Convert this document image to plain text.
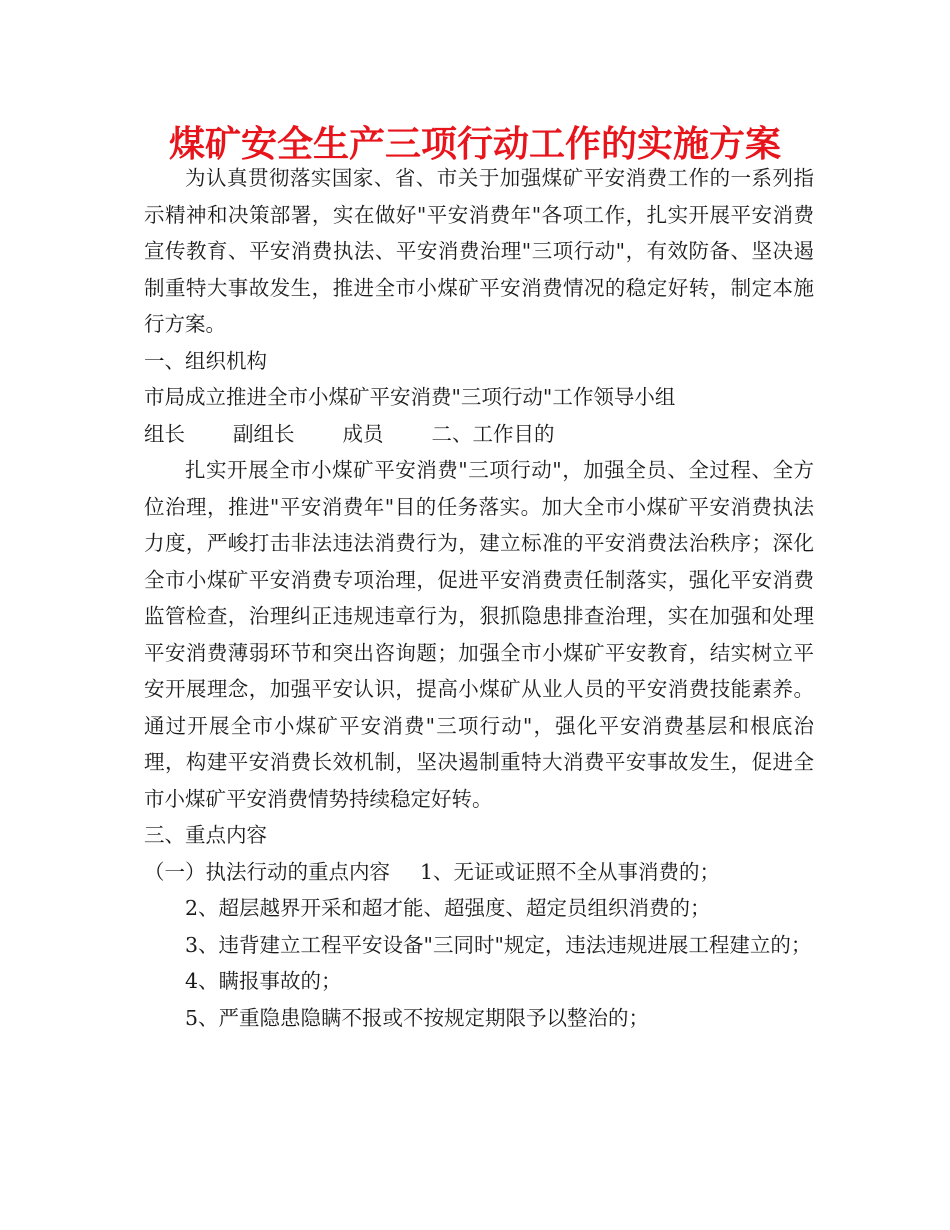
煤矿安全生产三项行动工作的实施方案

为认真贯彻落实国家、省、市关于加强煤矿平安消费工作的一系列指示精神和决策部署，实在做好"平安消费年"各项工作，扎实开展平安消费宣传教育、平安消费执法、平安消费治理"三项行动"，有效防备、坚决遏制重特大事故发生，推进全市小煤矿平安消费情况的稳定好转，制定本施行方案。

一、组织机构

市局成立推进全市小煤矿平安消费"三项行动"工作领导小组

组长 副组长 成员 二、工作目的

扎实开展全市小煤矿平安消费"三项行动"，加强全员、全过程、全方位治理，推进"平安消费年"目的任务落实。加大全市小煤矿平安消费执法力度，严峻打击非法违法消费行为，建立标准的平安消费法治秩序；深化全市小煤矿平安消费专项治理，促进平安消费责任制落实，强化平安消费监管检查，治理纠正违规违章行为，狠抓隐患排查治理，实在加强和处理平安消费薄弱环节和突出咨询题；加强全市小煤矿平安教育，结实树立平安开展理念，加强平安认识，提高小煤矿从业人员的平安消费技能素养。通过开展全市小煤矿平安消费"三项行动"，强化平安消费基层和根底治理，构建平安消费长效机制，坚决遏制重特大消费平安事故发生，促进全市小煤矿平安消费情势持续稳定好转。

三、重点内容

（一）执法行动的重点内容 1、无证或证照不全从事消费的；

2、超层越界开采和超才能、超强度、超定员组织消费的；

3、违背建立工程平安设备"三同时"规定，违法违规进展工程建立的；

4、瞒报事故的；

5、严重隐患隐瞒不报或不按规定期限予以整治的；
